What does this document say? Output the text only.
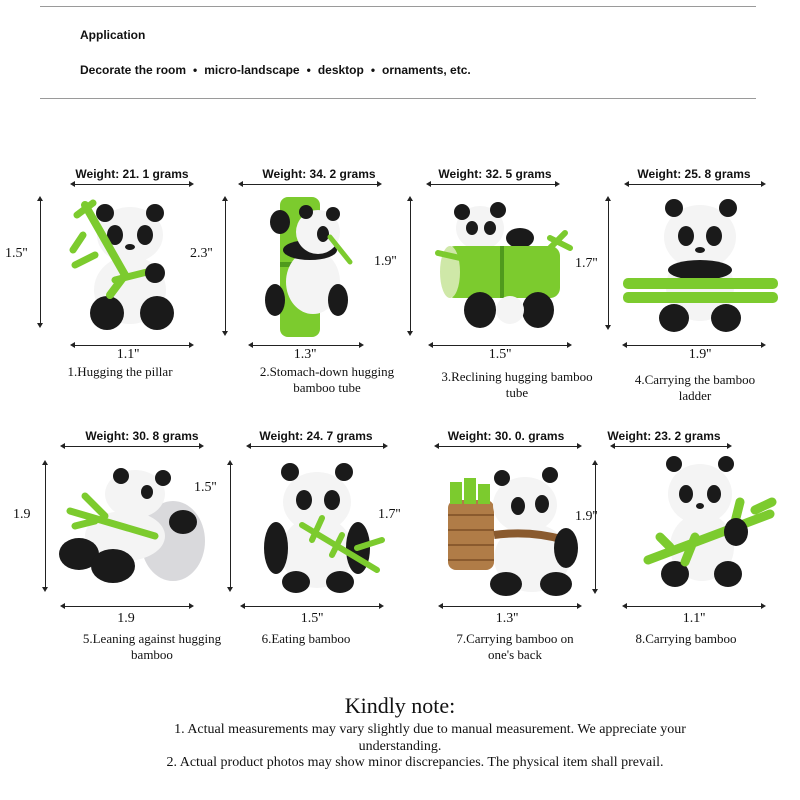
Application
Decorate the room • micro-landscape • desktop • ornaments, etc.
Weight: 21. 1 grams
1.5''
1.1''
1.Hugging the pillar
Weight: 34. 2 grams
2.3''
1.3''
2.Stomach-down hugging
bamboo tube
Weight: 32. 5 grams
1.9''
1.5''
3.Reclining hugging bamboo
tube
Weight: 25. 8 grams
1.7''
1.9''
4.Carrying the bamboo
ladder
Weight: 30. 8 grams
1.9
1.5''
1.9
5.Leaning against hugging
bamboo
Weight: 24. 7 grams
1.7''
1.5''
6.Eating bamboo
Weight: 30. 0. grams
1.9''
1.3''
7.Carrying bamboo on
one's back
Weight: 23. 2 grams
1.1''
8.Carrying bamboo
Kindly note:
1. Actual measurements may vary slightly due to manual measurement. We appreciate your
understanding.
2. Actual product photos may show minor discrepancies. The physical item shall prevail.
